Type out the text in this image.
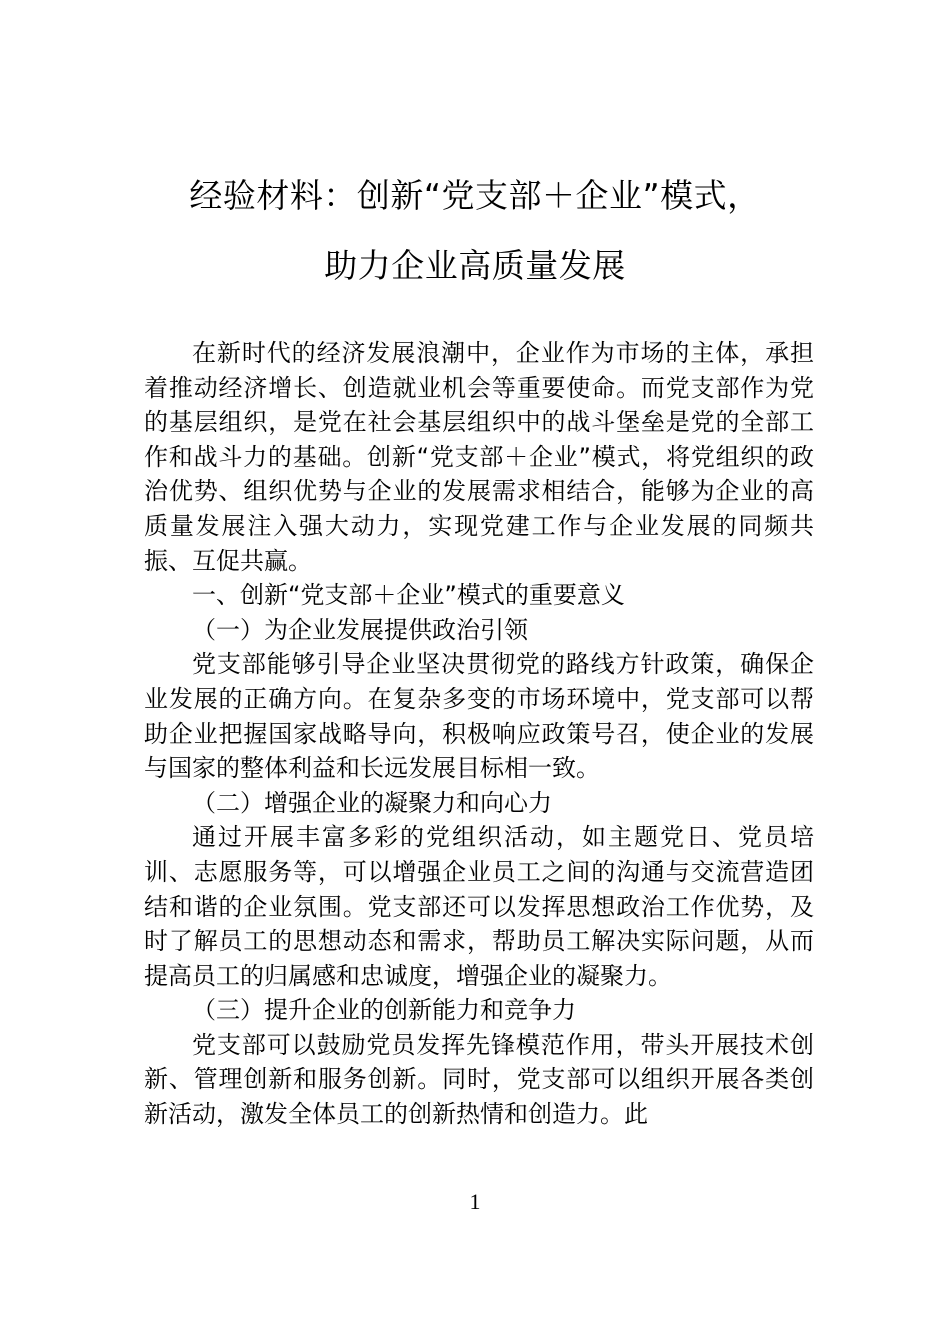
经验材料：创新“党支部＋企业”模式，
助力企业高质量发展

在新时代的经济发展浪潮中，企业作为市场的主体，承担着推动经济增长、创造就业机会等重要使命。而党支部作为党的基层组织，是党在社会基层组织中的战斗堡垒是党的全部工作和战斗力的基础。创新“党支部＋企业”模式，将党组织的政治优势、组织优势与企业的发展需求相结合，能够为企业的高质量发展注入强大动力，实现党建工作与企业发展的同频共振、互促共赢。

一、创新“党支部＋企业”模式的重要意义

（一）为企业发展提供政治引领

党支部能够引导企业坚决贯彻党的路线方针政策，确保企业发展的正确方向。在复杂多变的市场环境中，党支部可以帮助企业把握国家战略导向，积极响应政策号召，使企业的发展与国家的整体利益和长远发展目标相一致。

（二）增强企业的凝聚力和向心力

通过开展丰富多彩的党组织活动，如主题党日、党员培训、志愿服务等，可以增强企业员工之间的沟通与交流营造团结和谐的企业氛围。党支部还可以发挥思想政治工作优势，及时了解员工的思想动态和需求，帮助员工解决实际问题，从而提高员工的归属感和忠诚度，增强企业的凝聚力。

（三）提升企业的创新能力和竞争力

党支部可以鼓励党员发挥先锋模范作用，带头开展技术创新、管理创新和服务创新。同时，党支部可以组织开展各类创新活动，激发全体员工的创新热情和创造力。此

1
